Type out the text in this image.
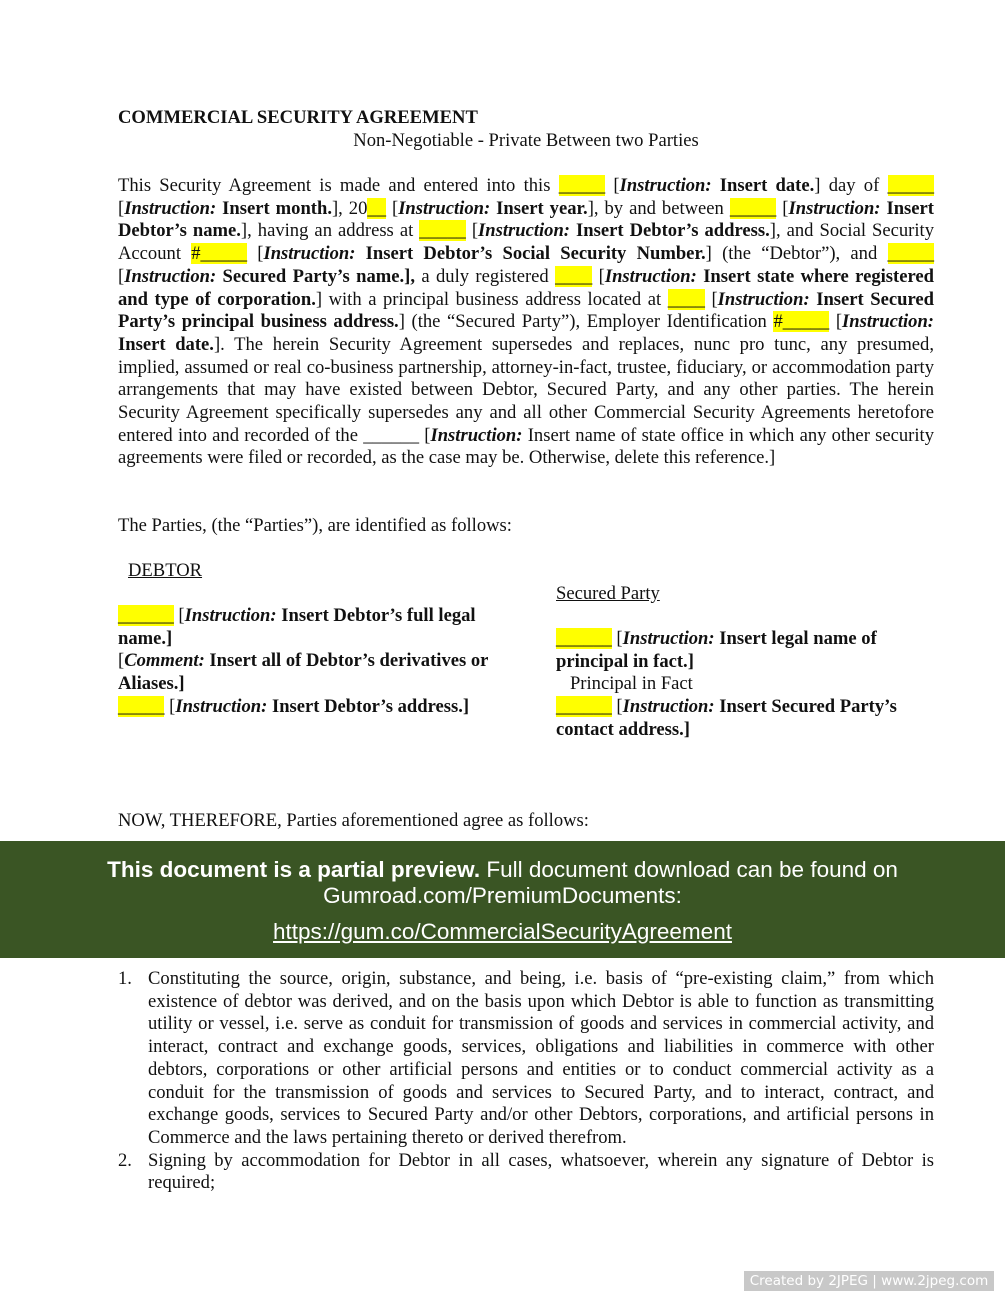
COMMERCIAL SECURITY AGREEMENT
Non-Negotiable - Private Between two Parties
This Security Agreement is made and entered into this _____ [Instruction: Insert date.] day of _____ [Instruction: Insert month.], 20__ [Instruction: Insert year.], by and between _____ [Instruction: Insert Debtor’s name.], having an address at _____ [Instruction: Insert Debtor’s address.], and Social Security Account #_____ [Instruction: Insert Debtor’s Social Security Number.] (the “Debtor”), and _____ [Instruction: Secured Party’s name.], a duly registered ____ [Instruction: Insert state where registered and type of corporation.] with a principal business address located at ____ [Instruction: Insert Secured Party’s principal business address.] (the “Secured Party”), Employer Identification #_____ [Instruction: Insert date.]. The herein Security Agreement supersedes and replaces, nunc pro tunc, any presumed, implied, assumed or real co-business partnership, attorney-in-fact, trustee, fiduciary, or accommodation party arrangements that may have existed between Debtor, Secured Party, and any other parties. The herein Security Agreement specifically supersedes any and all other Commercial Security Agreements heretofore entered into and recorded of the ______ [Instruction: Insert name of state office in which any other security agreements were filed or recorded, as the case may be. Otherwise, delete this reference.]
The Parties, (the “Parties”), are identified as follows:
DEBTOR
______ [Instruction: Insert Debtor’s full legal name.]
[Comment: Insert all of Debtor’s derivatives or Aliases.]
_____ [Instruction: Insert Debtor’s address.]
Secured Party
______ [Instruction: Insert legal name of principal in fact.]
Principal in Fact
______ [Instruction: Insert Secured Party’s contact address.]
NOW, THEREFORE, Parties aforementioned agree as follows:
This document is a partial preview. Full document download can be found on Gumroad.com/PremiumDocuments:
https://gum.co/CommercialSecurityAgreement
1. Constituting the source, origin, substance, and being, i.e. basis of “pre-existing claim,” from which existence of debtor was derived, and on the basis upon which Debtor is able to function as transmitting utility or vessel, i.e. serve as conduit for transmission of goods and services in commercial activity, and interact, contract and exchange goods, services, obligations and liabilities in commerce with other debtors, corporations or other artificial persons and entities or to conduct commercial activity as a conduit for the transmission of goods and services to Secured Party, and to interact, contract, and exchange goods, services to Secured Party and/or other Debtors, corporations, and artificial persons in Commerce and the laws pertaining thereto or derived therefrom.
2. Signing by accommodation for Debtor in all cases, whatsoever, wherein any signature of Debtor is required;
Created by 2JPEG | www.2jpeg.com
